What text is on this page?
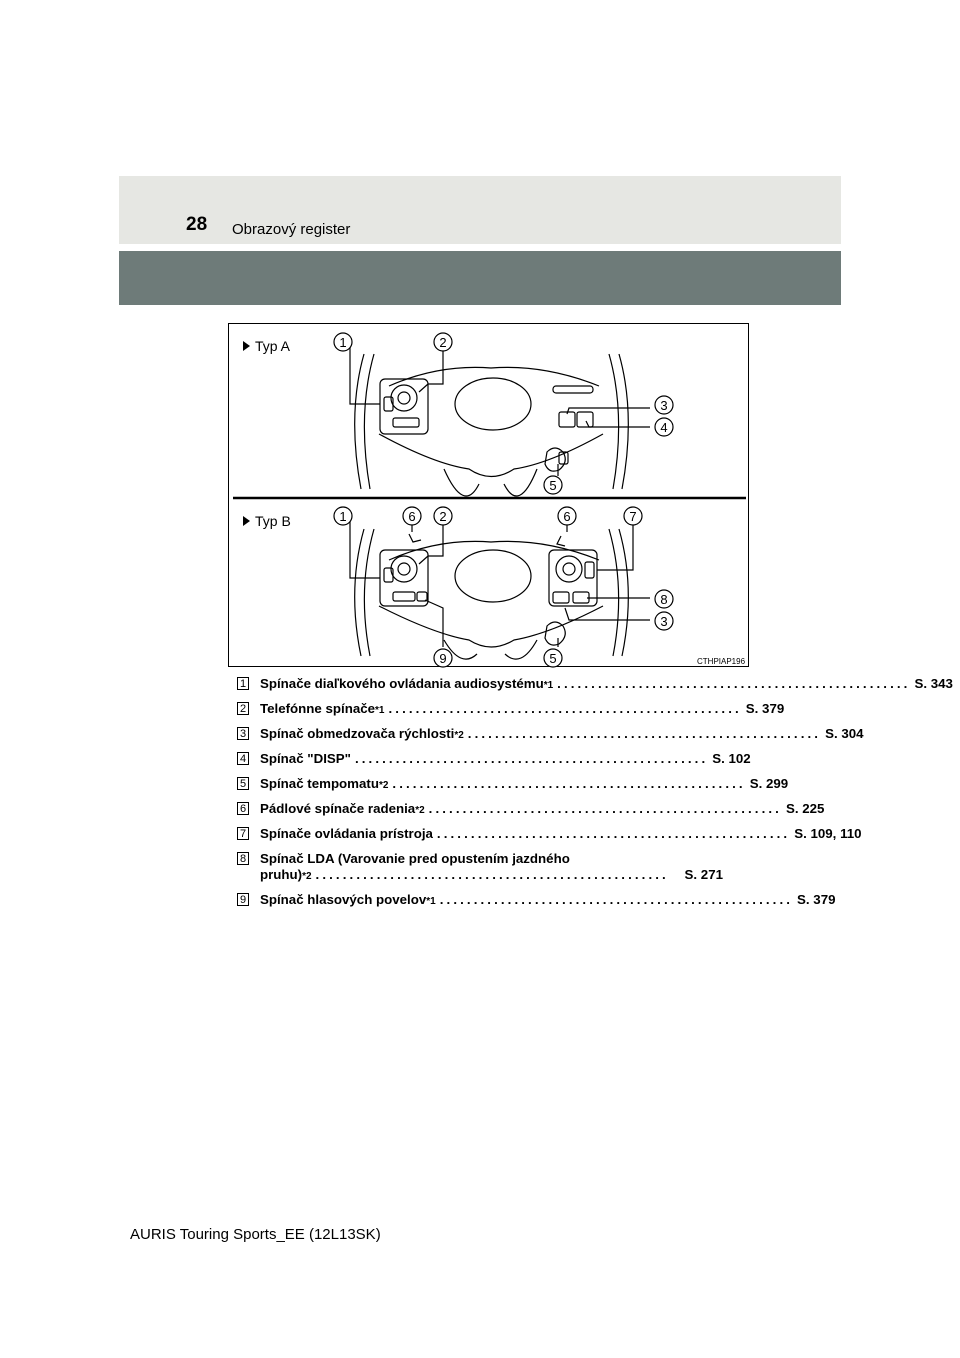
28 Obrazový register
1	2
3
4
5
1	6 2	6	7
8
3
9	5
Typ A
Typ B
CTHPIAP196
1 Spínače diaľkového ovládania audiosystému *1 .................................................... S. 343
2 Telefónne spínače *1 .................................................... S. 379
3 Spínač obmedzovača rýchlosti *2 .................................................... S. 304
4 Spínač "DISP" .................................................... S. 102
5 Spínač tempomatu *2 .................................................... S. 299
6 Pádlové spínače radenia *2 .................................................... S. 225
7 Spínače ovládania prístroja .................................................... S. 109, 110
8 Spínač LDA (Varovanie pred opustením jazdného
pruhu) *2 ....................................................	S. 271
9 Spínač hlasových povelov *1 .................................................... S. 379
AURIS Touring Sports_EE (12L13SK)
